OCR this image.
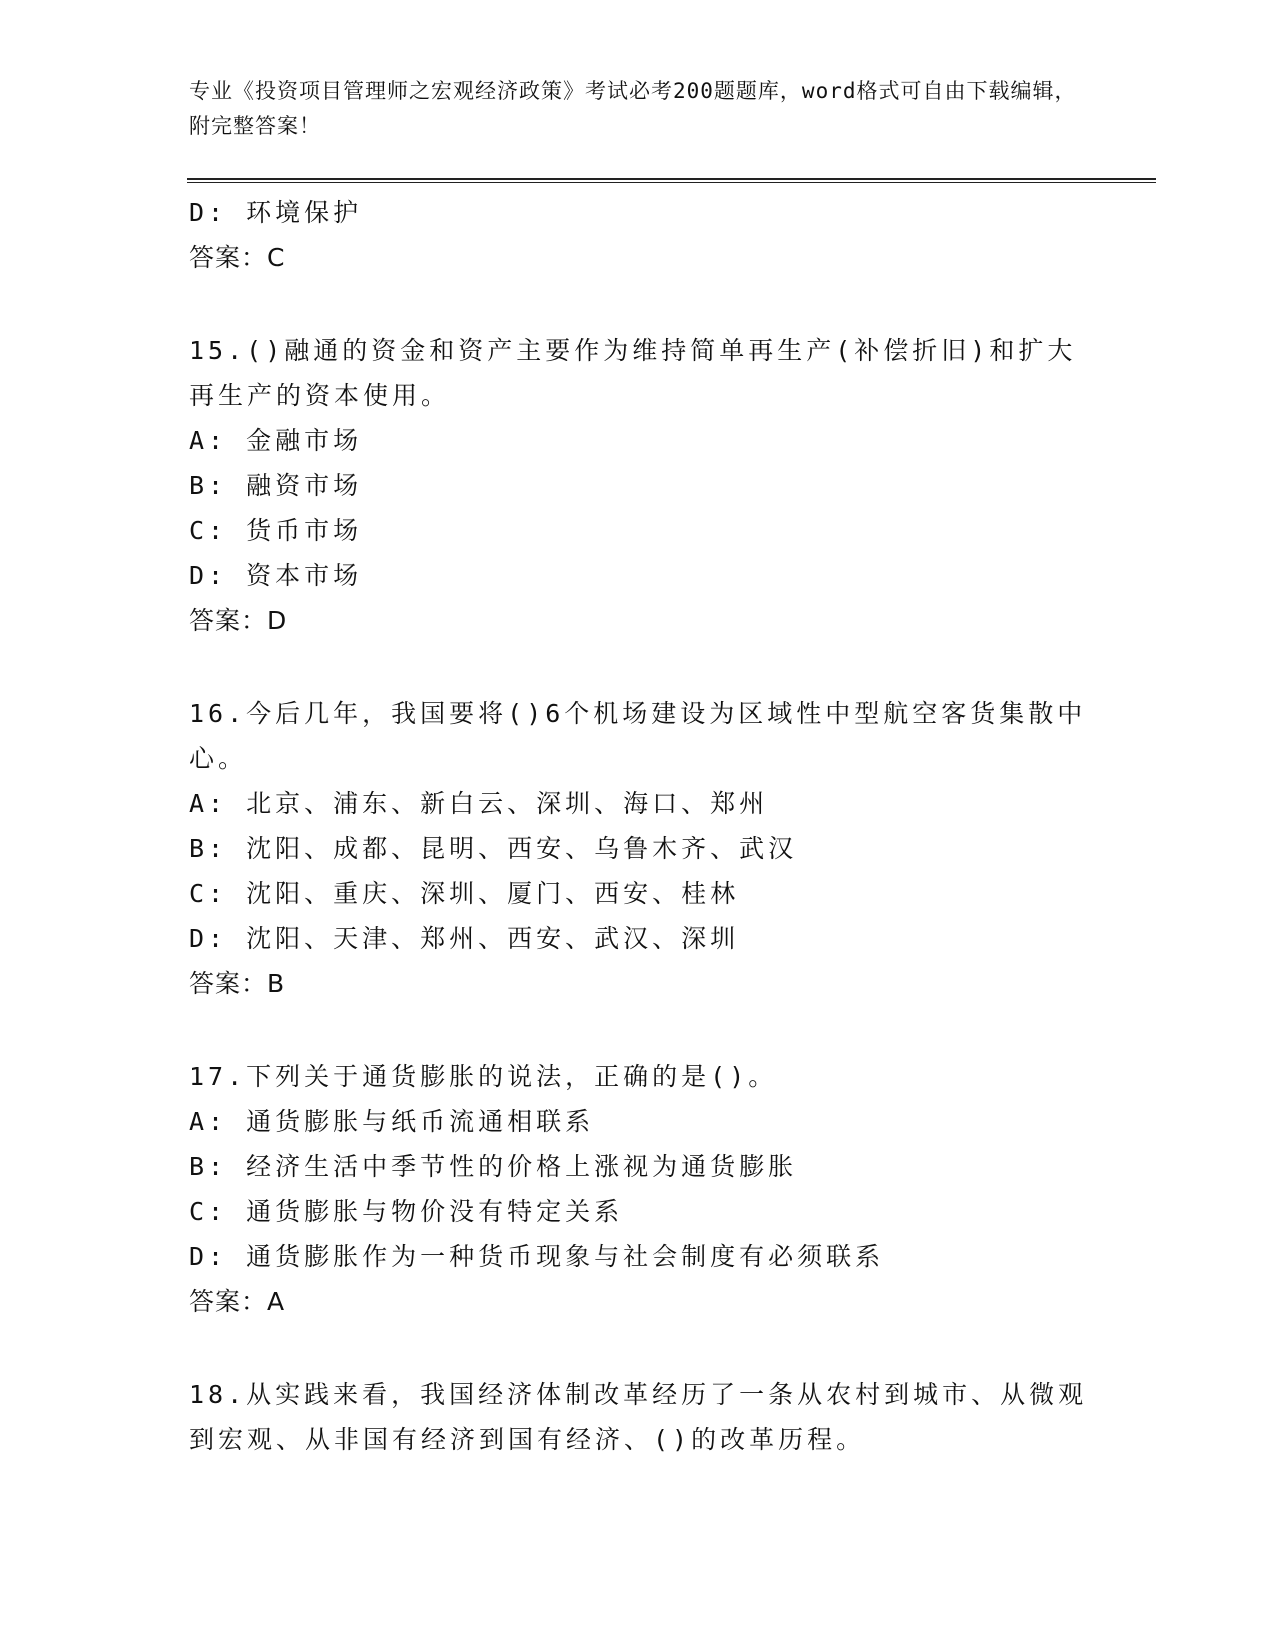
专业《投资项目管理师之宏观经济政策》考试必考200题题库，word格式可自由下载编辑，附完整答案！
D: 环境保护
答案：C
15.()融通的资金和资产主要作为维持简单再生产(补偿折旧)和扩大再生产的资本使用。
A: 金融市场
B: 融资市场
C: 货币市场
D: 资本市场
答案：D
16.今后几年，我国要将()6个机场建设为区域性中型航空客货集散中心。
A: 北京、浦东、新白云、深圳、海口、郑州
B: 沈阳、成都、昆明、西安、乌鲁木齐、武汉
C: 沈阳、重庆、深圳、厦门、西安、桂林
D: 沈阳、天津、郑州、西安、武汉、深圳
答案：B
17.下列关于通货膨胀的说法，正确的是()。
A: 通货膨胀与纸币流通相联系
B: 经济生活中季节性的价格上涨视为通货膨胀
C: 通货膨胀与物价没有特定关系
D: 通货膨胀作为一种货币现象与社会制度有必须联系
答案：A
18.从实践来看，我国经济体制改革经历了一条从农村到城市、从微观到宏观、从非国有经济到国有经济、()的改革历程。
